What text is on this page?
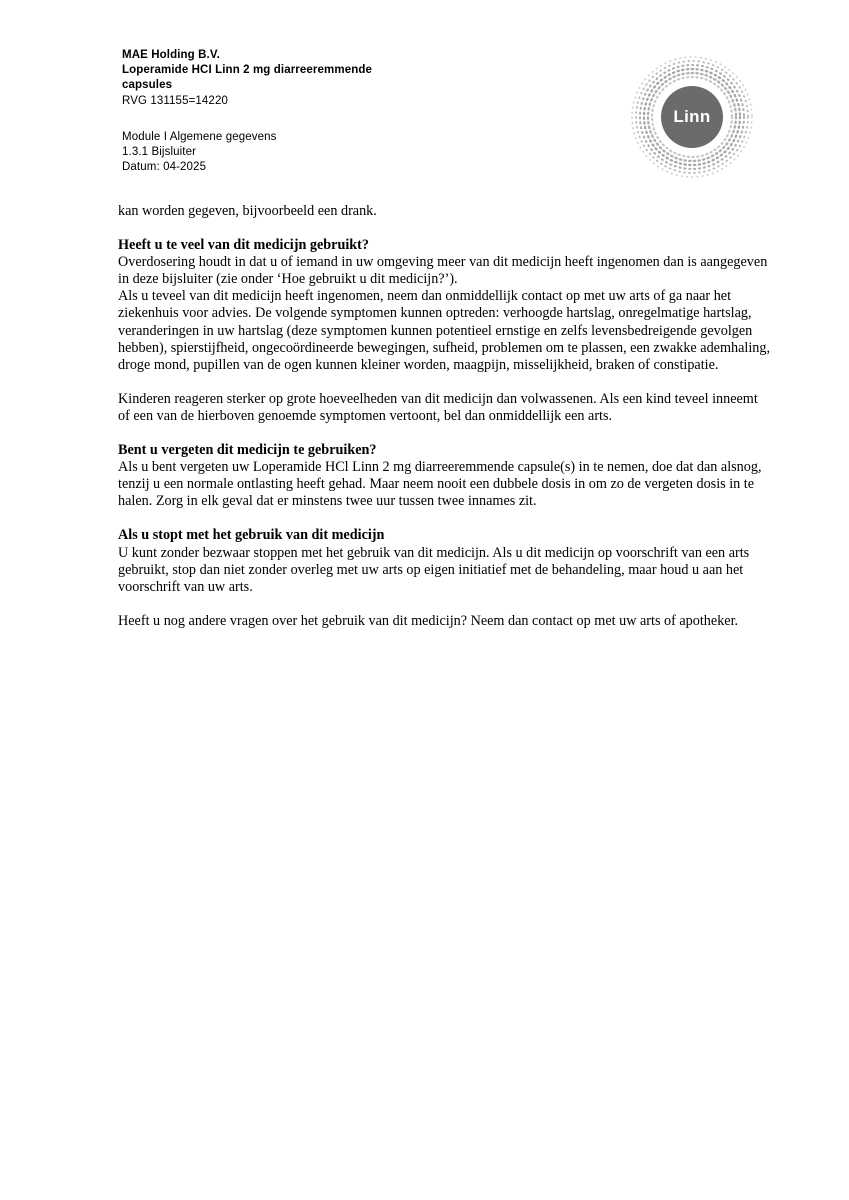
MAE Holding B.V.
Loperamide HCI Linn 2 mg diarreeremmende
capsules
RVG 131155=14220
Module I Algemene gegevens
1.3.1 Bijsluiter
Datum: 04-2025
Linn

kan worden gegeven, bijvoorbeeld een drank.

Heeft u te veel van dit medicijn gebruikt?

Overdosering houdt in dat u of iemand in uw omgeving meer van dit medicijn heeft ingenomen dan is aangegeven in deze bijsluiter (zie onder ‘Hoe gebruikt u dit medicijn?’).

Als u teveel van dit medicijn heeft ingenomen, neem dan onmiddellijk contact op met uw arts of ga naar het ziekenhuis voor advies. De volgende symptomen kunnen optreden: verhoogde hartslag, onregelmatige hartslag, veranderingen in uw hartslag (deze symptomen kunnen potentieel ernstige en zelfs levensbedreigende gevolgen hebben), spierstijfheid, ongecoördineerde bewegingen, sufheid, problemen om te plassen, een zwakke ademhaling, droge mond, pupillen van de ogen kunnen kleiner worden, maagpijn, misselijkheid, braken of constipatie.

Kinderen reageren sterker op grote hoeveelheden van dit medicijn dan volwassenen. Als een kind teveel inneemt of een van de hierboven genoemde symptomen vertoont, bel dan onmiddellijk een arts.

Bent u vergeten dit medicijn te gebruiken?

Als u bent vergeten uw Loperamide HCl Linn 2 mg diarreeremmende capsule(s) in te nemen, doe dat dan alsnog, tenzij u een normale ontlasting heeft gehad. Maar neem nooit een dubbele dosis in om zo de vergeten dosis in te halen. Zorg in elk geval dat er minstens twee uur tussen twee innames zit.

Als u stopt met het gebruik van dit medicijn

U kunt zonder bezwaar stoppen met het gebruik van dit medicijn. Als u dit medicijn op voorschrift van een arts gebruikt, stop dan niet zonder overleg met uw arts op eigen initiatief met de behandeling, maar houd u aan het voorschrift van uw arts.

Heeft u nog andere vragen over het gebruik van dit medicijn? Neem dan contact op met uw arts of apotheker.
